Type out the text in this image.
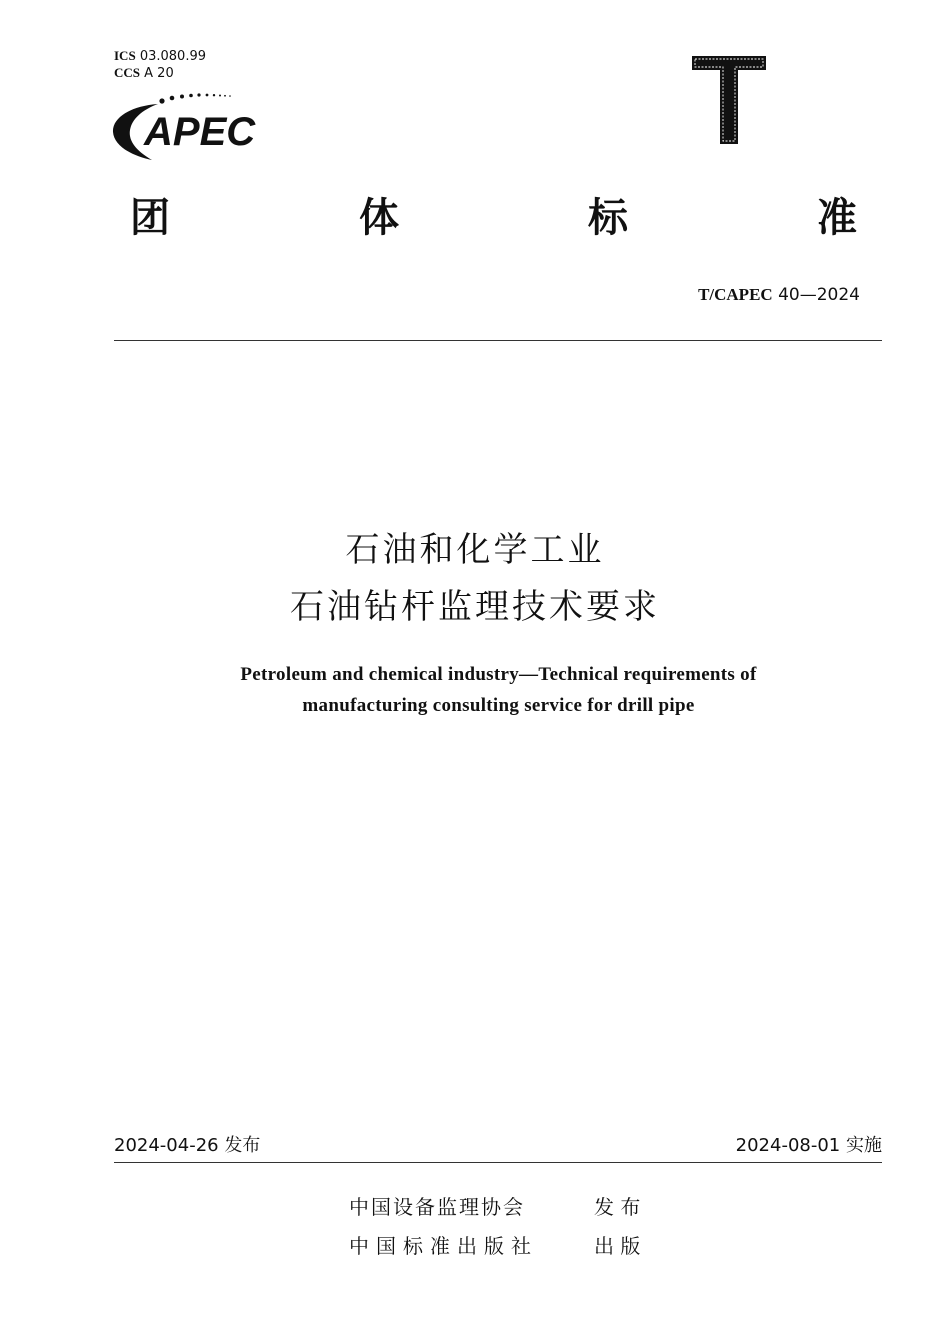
ICS 03.080.99
CCS A 20
APEC
团	体	标	准
T/CAPEC 40—2024
石油和化学工业
石油钻杆监理技术要求
Petroleum and chemical industry—Technical requirements of
manufacturing consulting service for drill pipe
2024-04-26 发布	2024-08-01 实施
中国设备监理协会	发 布
中国标准出版社	出 版
